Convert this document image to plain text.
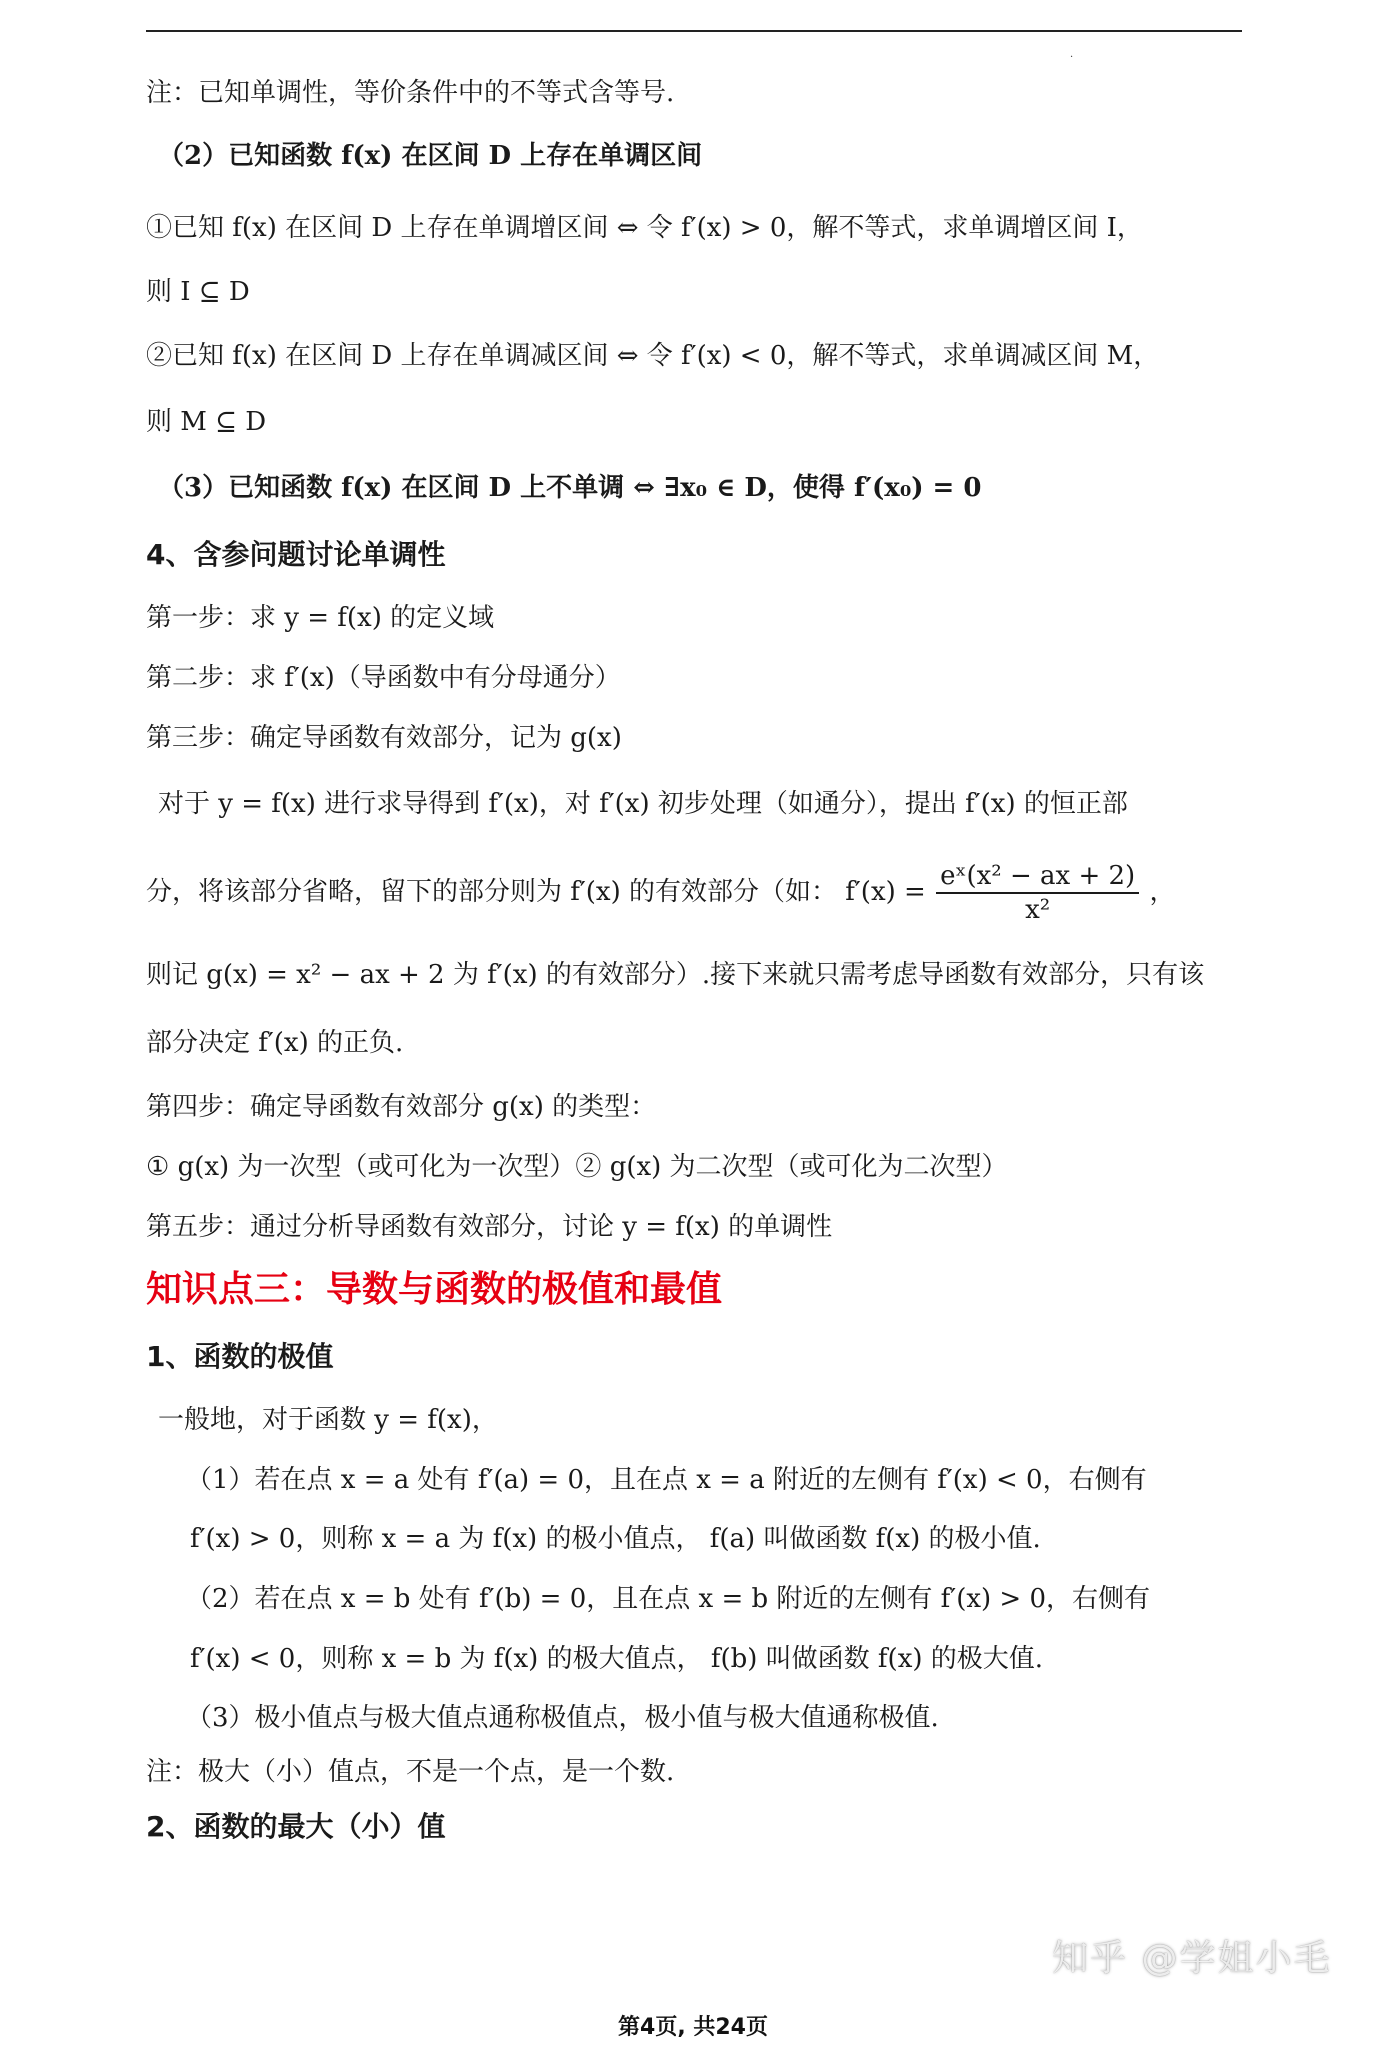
·
注：已知单调性，等价条件中的不等式含等号.
（2）已知函数 f(x) 在区间 D 上存在单调区间
①已知 f(x) 在区间 D 上存在单调增区间 ⇔ 令 f′(x) > 0，解不等式，求单调增区间 I，
则 I ⊆ D
②已知 f(x) 在区间 D 上存在单调减区间 ⇔ 令 f′(x) < 0，解不等式，求单调减区间 M，
则 M ⊆ D
（3）已知函数 f(x) 在区间 D 上不单调 ⇔ ∃x₀ ∈ D，使得 f′(x₀) = 0
4、含参问题讨论单调性
第一步：求 y = f(x) 的定义域
第二步：求 f′(x)（导函数中有分母通分）
第三步：确定导函数有效部分，记为 g(x)
对于 y = f(x) 进行求导得到 f′(x)，对 f′(x) 初步处理（如通分），提出 f′(x) 的恒正部
分，将该部分省略，留下的部分则为 f′(x) 的有效部分（如： $f'(x) = \frac{\text{eˣ(x² − ax + 2)}}{\text{x²}}$ ，
则记 g(x) = x² − ax + 2 为 f′(x) 的有效部分）.接下来就只需考虑导函数有效部分，只有该
部分决定 f′(x) 的正负.
第四步：确定导函数有效部分 g(x) 的类型：
① g(x) 为一次型（或可化为一次型）② g(x) 为二次型（或可化为二次型）
第五步：通过分析导函数有效部分，讨论 y = f(x) 的单调性
知识点三：导数与函数的极值和最值
1、函数的极值
一般地，对于函数 y = f(x)，
（1）若在点 x = a 处有 f′(a) = 0，且在点 x = a 附近的左侧有 f′(x) < 0，右侧有
f′(x) > 0，则称 x = a 为 f(x) 的极小值点， f(a) 叫做函数 f(x) 的极小值.
（2）若在点 x = b 处有 f′(b) = 0，且在点 x = b 附近的左侧有 f′(x) > 0，右侧有
f′(x) < 0，则称 x = b 为 f(x) 的极大值点， f(b) 叫做函数 f(x) 的极大值.
（3）极小值点与极大值点通称极值点，极小值与极大值通称极值.
注：极大（小）值点，不是一个点，是一个数.
2、函数的最大（小）值
知乎 @学姐小毛
第4页, 共24页
